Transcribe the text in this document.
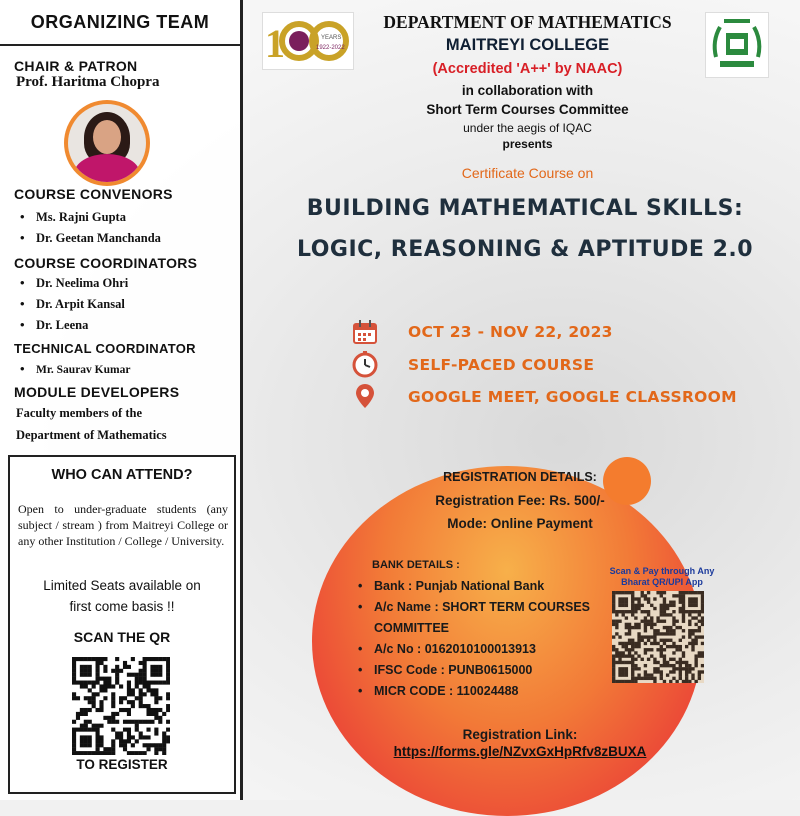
ORGANIZING TEAM
CHAIR & PATRON
Prof. Haritma Chopra
COURSE CONVENORS
• Ms. Rajni Gupta
• Dr. Geetan Manchanda
COURSE COORDINATORS
• Dr. Neelima Ohri
• Dr. Arpit Kansal
• Dr. Leena
TECHNICAL COORDINATOR
• Mr. Saurav Kumar
MODULE DEVELOPERS
Faculty members of the
Department of Mathematics
WHO CAN ATTEND?
Open to under-graduate students (any subject / stream ) from Maitreyi College or any other Institution / College / University.
Limited Seats available on
first come basis !!
SCAN THE QR
TO REGISTER
1	YEARS
1922-2022
DEPARTMENT OF MATHEMATICS
MAITREYI COLLEGE
(Accredited 'A++' by NAAC)
in collaboration with
Short Term Courses Committee
under the aegis of IQAC
presents
Certificate Course on
BUILDING MATHEMATICAL SKILLS:
LOGIC, REASONING & APTITUDE 2.0
OCT 23 - NOV 22, 2023
SELF-PACED COURSE
GOOGLE MEET, GOOGLE CLASSROOM
REGISTRATION DETAILS:
Registration Fee: Rs. 500/-
Mode: Online Payment
BANK DETAILS :
• Bank : Punjab National Bank
• A/c Name : SHORT TERM COURSES COMMITTEE
• A/c No : 0162010100013913
• IFSC Code : PUNB0615000
• MICR CODE : 110024488
Scan & Pay through Any Bharat QR/UPI App
Registration Link:
https://forms.gle/NZvxGxHpRfv8zBUXA
